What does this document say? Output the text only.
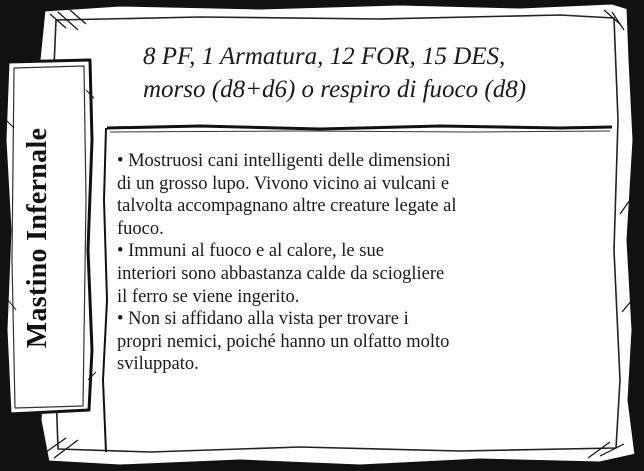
Mastino Infernale
8 PF, 1 Armatura, 12 FOR, 15 DES,
morso (d8+d6) o respiro di fuoco (d8)
• Mostruosi cani intelligenti delle dimensioni
di un grosso lupo. Vivono vicino ai vulcani e
talvolta accompagnano altre creature legate al
fuoco.
• Immuni al fuoco e al calore, le sue
interiori sono abbastanza calde da sciogliere
il ferro se viene ingerito.
• Non si affidano alla vista per trovare i
propri nemici, poiché hanno un olfatto molto
sviluppato.
